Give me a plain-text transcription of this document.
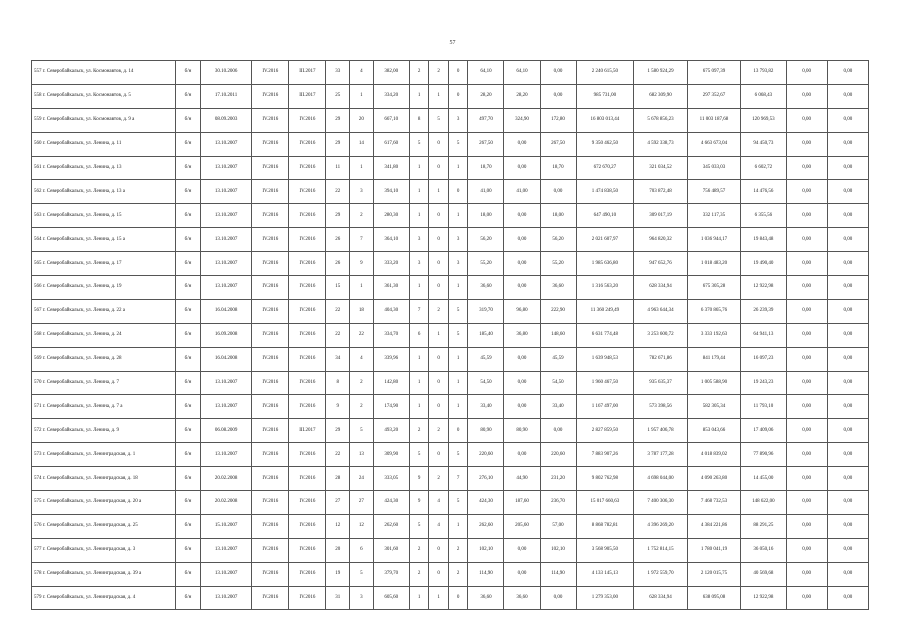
57
557 г. Северобайкальск, ул. Космонавтов, д. 14	б/н	30.10.2006	IV.2016	III.2017	33	4	382,00	2	2	0	64,10	64,10	0,00	2 240 615,50	1 580 924,29	675 097,39	13 793,82	0,00	0,00
558 г. Северобайкальск, ул. Космонавтов, д. 5	б/н	17.10.2011	IV.2016	III.2017	25	1	334,20	1	1	0	28,20	28,20	0,00	985 731,00	682 309,90	297 352,67	6 068,43	0,00	0,00
559 г. Северобайкальск, ул. Космонавтов, д. 9 а	б/н	08.09.2003	IV.2016	IV.2016	29	20	667,10	8	5	3	497,70	324,90	172,80	16 803 013,44	5 678 856,23	11 003 187,68	120 969,53	0,00	0,00
560 г. Северобайкальск, ул. Ленина, д. 11	б/н	13.10.2007	IV.2016	IV.2016	29	14	617,60	5	0	5	267,50	0,00	267,50	9 350 462,50	4 592 338,73	4 663 673,04	94 450,73	0,00	0,00
561 г. Северобайкальск, ул. Ленина, д. 13	б/н	13.10.2007	IV.2016	IV.2016	11	1	341,80	1	0	1	18,70	0,00	18,70	672 670,27	321 034,52	345 033,03	6 602,72	0,00	0,00
562 г. Северобайкальск, ул. Ленина, д. 13 а	б/н	13.10.2007	IV.2016	IV.2016	22	3	394,10	1	1	0	41,00	41,00	0,00	1 474 838,50	703 872,48	756 489,57	14 476,56	0,00	0,00
563 г. Северобайкальск, ул. Ленина, д. 15	б/н	13.10.2007	IV.2016	IV.2016	29	2	280,30	1	0	1	18,00	0,00	18,00	647 490,10	309 017,19	332 117,35	6 355,56	0,00	0,00
564 г. Северобайкальск, ул. Ленина, д. 15 а	б/н	13.10.2007	IV.2016	IV.2016	26	7	364,10	3	0	3	56,20	0,00	56,20	2 021 607,97	964 820,32	1 036 944,17	19 843,48	0,00	0,00
565 г. Северобайкальск, ул. Ленина, д. 17	б/н	13.10.2007	IV.2016	IV.2016	26	9	333,20	3	0	3	55,20	0,00	55,20	1 985 636,80	947 652,76	1 018 483,20	19 490,40	0,00	0,00
566 г. Северобайкальск, ул. Ленина, д. 19	б/н	13.10.2007	IV.2016	IV.2016	15	1	361,30	1	0	1	36,60	0,00	36,60	1 316 563,20	628 334,94	675 305,28	12 922,98	0,00	0,00
567 г. Северобайкальск, ул. Ленина, д. 22 а	б/н	16.04.2008	IV.2016	IV.2016	22	18	404,30	7	2	5	319,70	96,80	222,90	11 360 249,49	4 963 644,34	6 370 865,76	26 239,39	0,00	0,00
568 г. Северобайкальск, ул. Ленина, д. 24	б/н	16.09.2008	IV.2016	IV.2016	22	22	334,70	6	1	5	185,40	36,80	148,60	6 631 774,48	3 253 600,72	3 333 192,63	64 941,13	0,00	0,00
569 г. Северобайкальск, ул. Ленина, д. 28	б/н	16.04.2008	IV.2016	IV.2016	34	4	339,96	1	0	1	45,59	0,00	45,59	1 639 948,53	782 671,86	841 179,44	16 097,23	0,00	0,00
570 г. Северобайкальск, ул. Ленина, д. 7	б/н	13.10.2007	IV.2016	IV.2016	8	2	142,80	1	0	1	54,50	0,00	54,50	1 960 467,50	935 635,37	1 005 588,90	19 243,23	0,00	0,00
571 г. Северобайкальск, ул. Ленина, д. 7 а	б/н	13.10.2007	IV.2016	IV.2016	9	2	174,90	1	0	1	33,40	0,00	33,40	1 167 497,00	573 398,56	582 305,34	11 793,10	0,00	0,00
572 г. Северобайкальск, ул. Ленина, д. 9	б/н	06.08.2009	IV.2016	III.2017	29	5	493,20	2	2	0	80,90	80,90	0,00	2 827 859,50	1 957 406,78	853 043,66	17 409,06	0,00	0,00
573 г. Северобайкальск, ул. Ленинградская, д. 1	б/н	13.10.2007	IV.2016	IV.2016	22	13	309,90	5	0	5	220,60	0,00	220,60	7 883 907,26	3 787 177,28	4 018 839,02	77 890,96	0,00	0,00
574 г. Северобайкальск, ул. Ленинградская, д. 18	б/н	20.02.2008	IV.2016	IV.2016	28	24	333,05	9	2	7	276,10	44,90	231,20	9 802 762,98	4 698 044,00	4 090 263,80	14 455,00	0,00	0,00
575 г. Северобайкальск, ул. Ленинградская, д. 20 а	б/н	20.02.2008	IV.2016	IV.2016	27	27	424,30	9	4	5	424,30	187,60	236,70	15 017 660,63	7 400 306,30	7 468 732,53	148 622,00	0,00	0,00
576 г. Северобайкальск, ул. Ленинградская, д. 25	б/н	15.10.2007	IV.2016	IV.2016	12	12	262,60	5	4	1	262,60	205,60	57,00	8 868 782,81	4 396 269,20	4 384 221,86	88 291,25	0,00	0,00
577 г. Северобайкальск, ул. Ленинградская, д. 3	б/н	13.10.2007	IV.2016	IV.2016	20	6	301,60	2	0	2	102,10	0,00	102,10	3 568 905,50	1 752 814,15	1 780 041,19	36 050,16	0,00	0,00
578 г. Северобайкальск, ул. Ленинградская, д. 39 а	б/н	13.10.2007	IV.2016	IV.2016	19	5	379,70	2	0	2	114,90	0,00	114,90	4 133 145,13	1 972 559,70	2 120 015,75	40 569,68	0,00	0,00
579 г. Северобайкальск, ул. Ленинградская, д. 4	б/н	13.10.2007	IV.2016	IV.2016	31	3	605,60	1	1	0	36,60	36,60	0,00	1 279 353,00	628 334,94	638 095,08	12 922,98	0,00	0,00
